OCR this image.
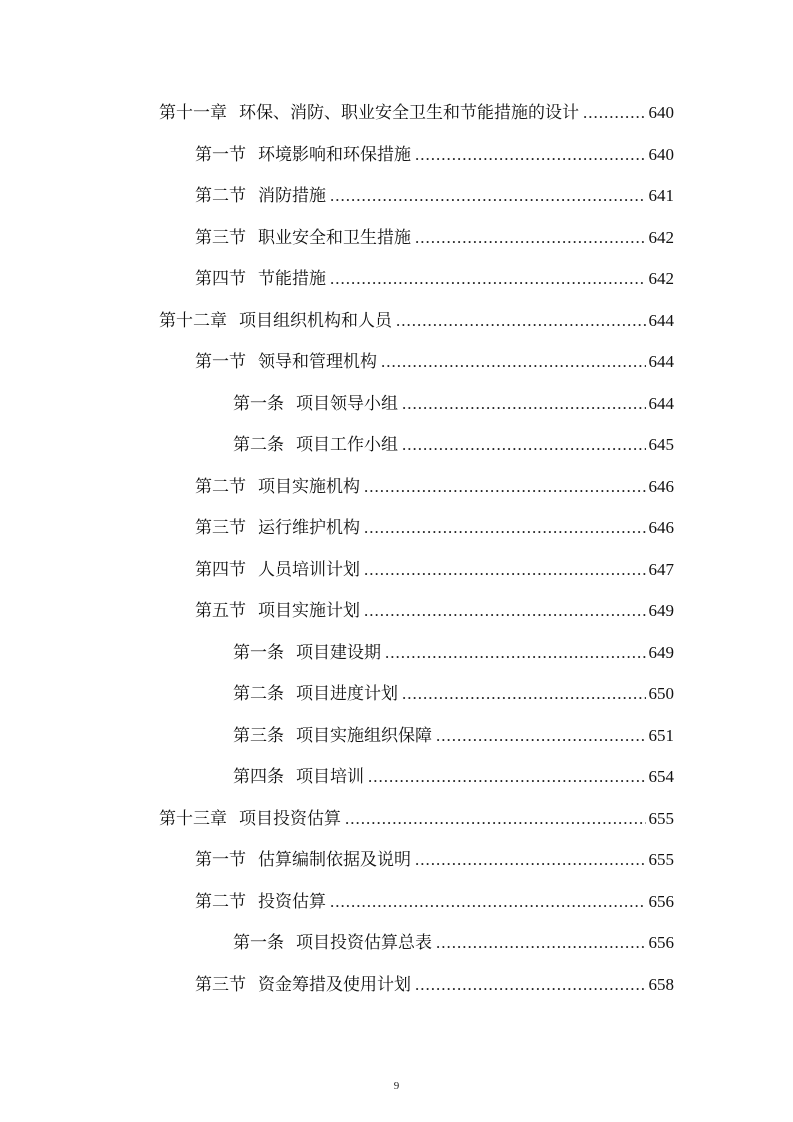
第十一章 环保、消防、职业安全卫生和节能措施的设计 .....	640
第一节 环境影响和环保措施 .....	640
第二节 消防措施 .....	641
第三节 职业安全和卫生措施 .....	642
第四节 节能措施 .....	642
第十二章 项目组织机构和人员 .....	644
第一节 领导和管理机构 .....	644
第一条 项目领导小组 .....	644
第二条 项目工作小组 .....	645
第二节 项目实施机构 .....	646
第三节 运行维护机构 .....	646
第四节 人员培训计划 .....	647
第五节 项目实施计划 .....	649
第一条 项目建设期 .....	649
第二条 项目进度计划 .....	650
第三条 项目实施组织保障 .....	651
第四条 项目培训 .....	654
第十三章 项目投资估算 .....	655
第一节 估算编制依据及说明 .....	655
第二节 投资估算 .....	656
第一条 项目投资估算总表 .....	656
第三节 资金筹措及使用计划 .....	658
9
